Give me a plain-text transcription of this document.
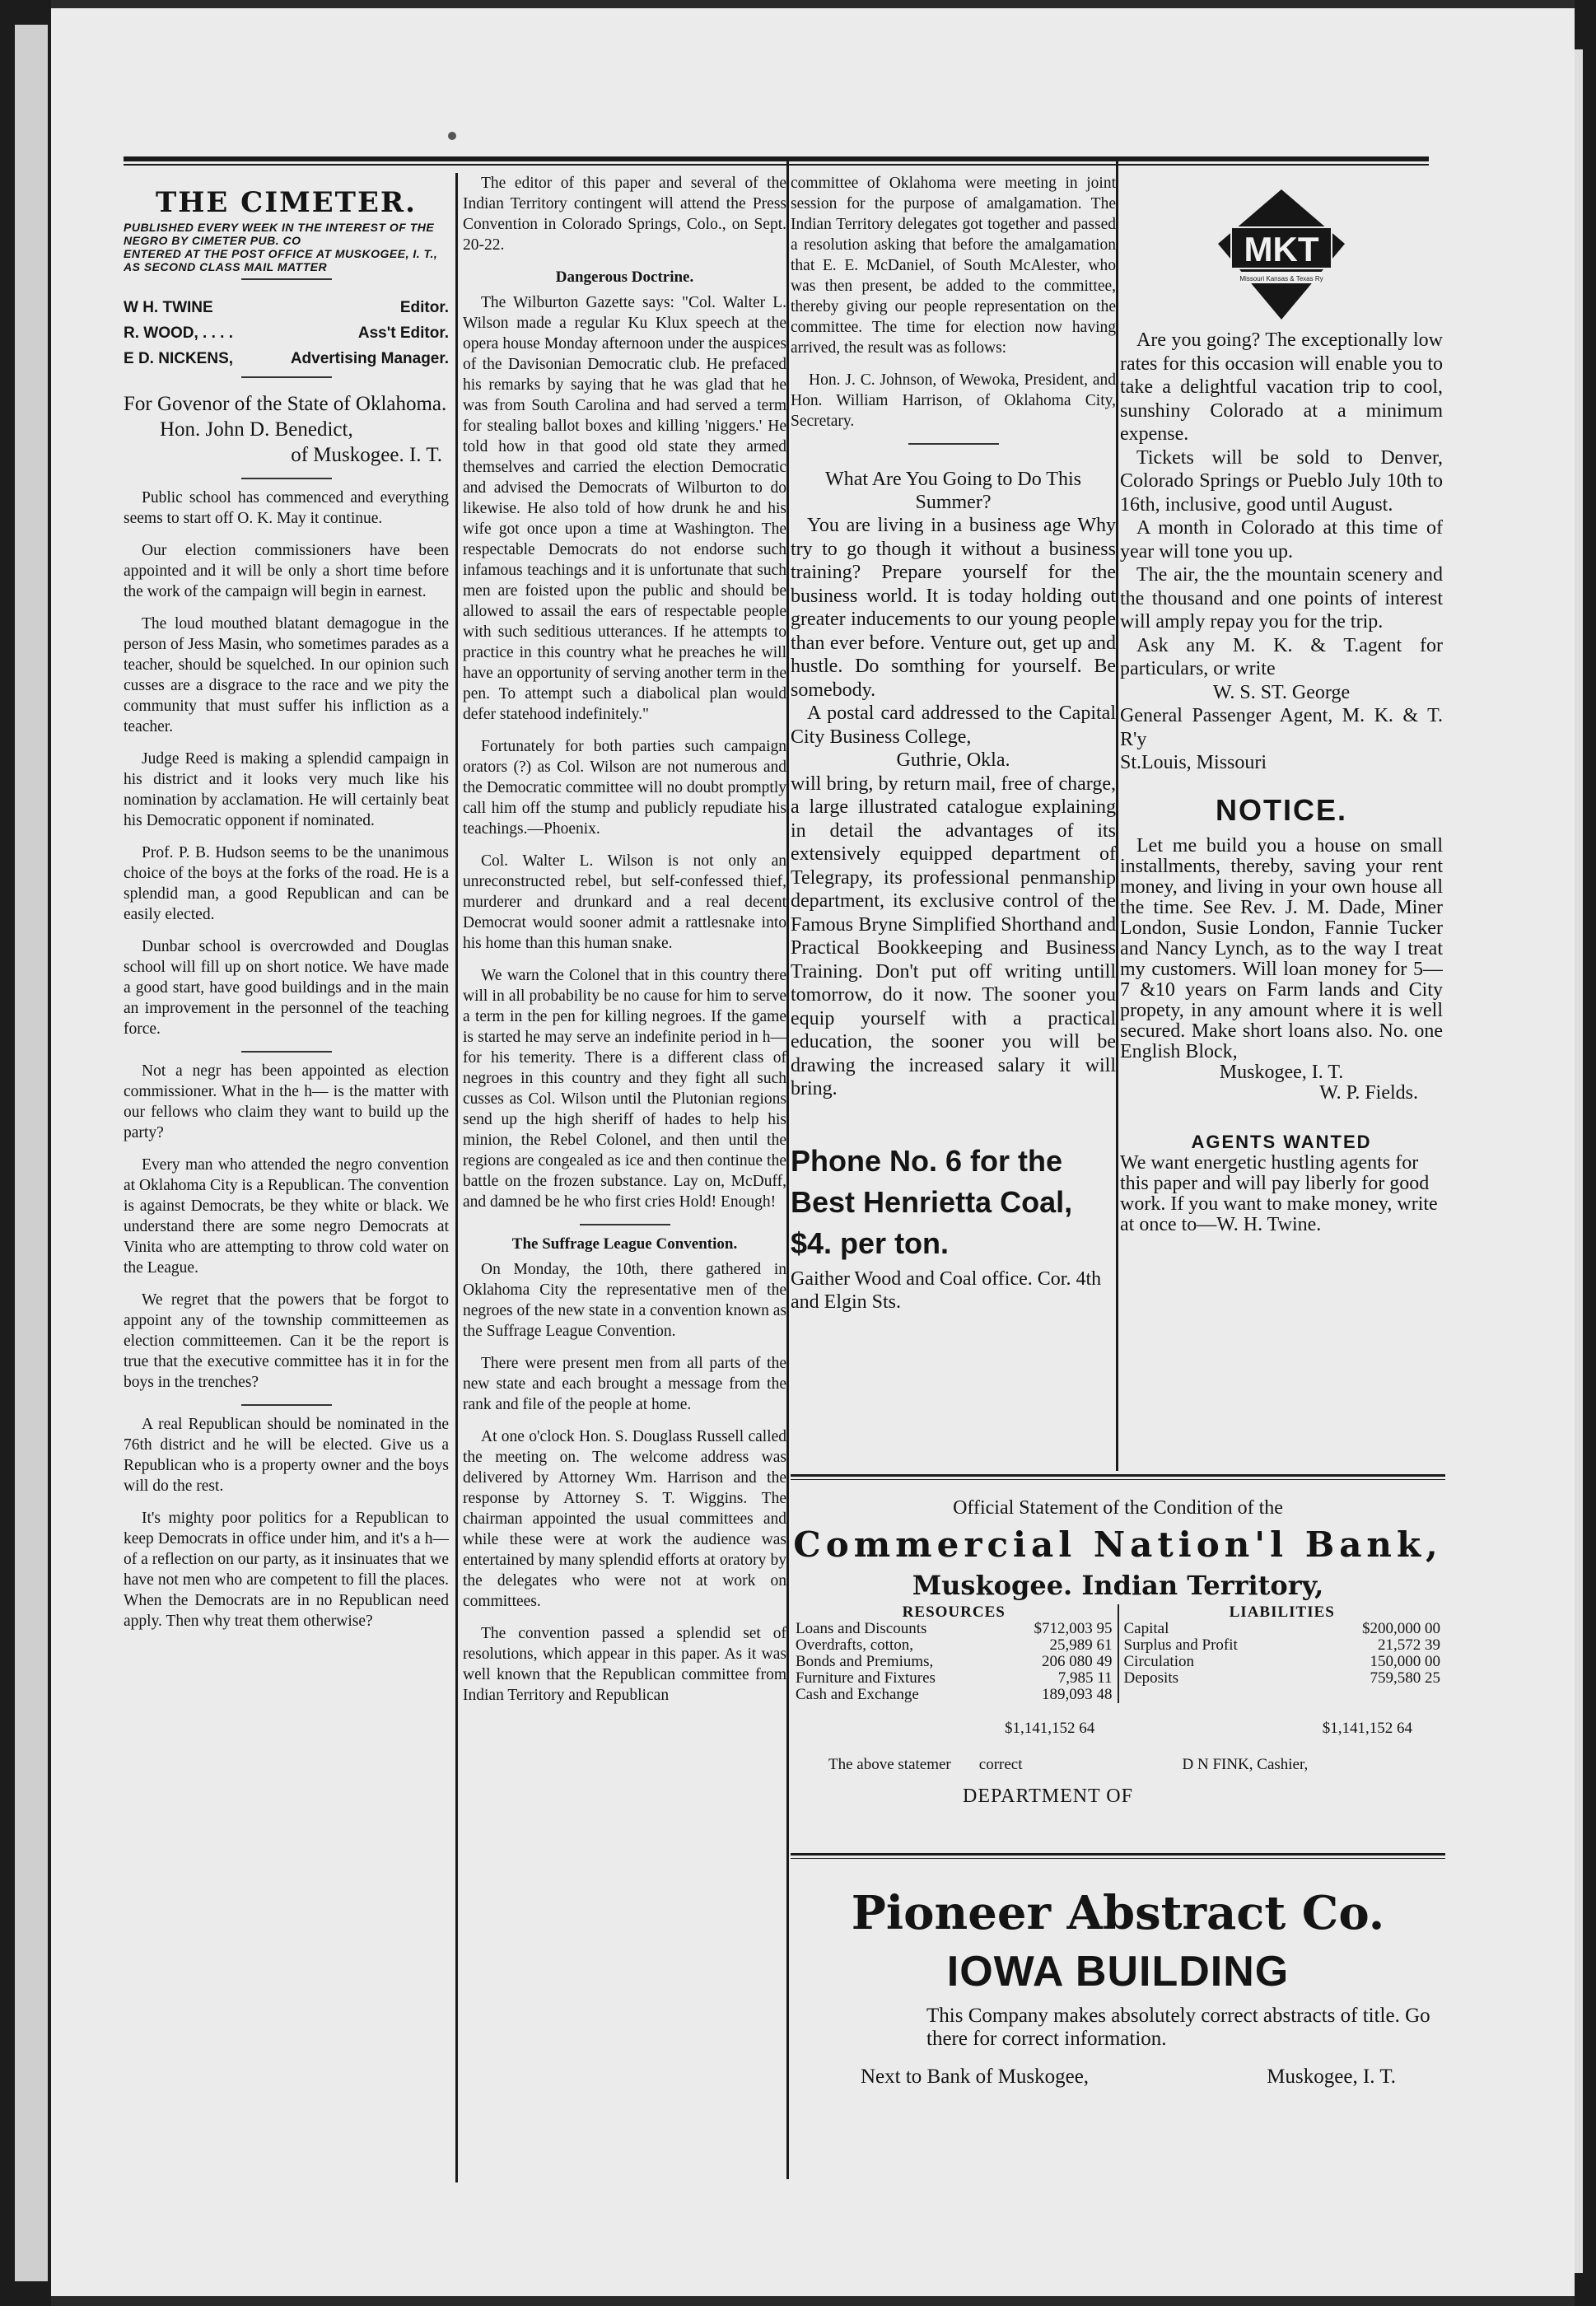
THE CIMETER.

PUBLISHED EVERY WEEK IN THE INTEREST OF THE NEGRO BY CIMETER PUB. CO

ENTERED AT THE POST OFFICE AT MUSKOGEE, I. T., AS SECOND CLASS MAIL MATTER

W H. TWINE	Editor.
R. WOOD, . . . .	Ass't Editor.
E D. NICKENS,	Advertising Manager.
For Govenor of the State of Oklahoma.
Hon. John D. Benedict,
of Muskogee. I. T.

Public school has commenced and everything seems to start off O. K. May it continue.

Our election commissioners have been appointed and it will be only a short time before the work of the campaign will begin in earnest.

The loud mouthed blatant demagogue in the person of Jess Masin, who sometimes parades as a teacher, should be squelched. In our opinion such cusses are a disgrace to the race and we pity the community that must suffer his infliction as a teacher.

Judge Reed is making a splendid campaign in his district and it looks very much like his nomination by acclamation. He will certainly beat his Democratic opponent if nominated.

Prof. P. B. Hudson seems to be the unanimous choice of the boys at the forks of the road. He is a splendid man, a good Republican and can be easily elected.

Dunbar school is overcrowded and Douglas school will fill up on short notice. We have made a good start, have good buildings and in the main an improvement in the personnel of the teaching force.

Not a negr has been appointed as election commissioner. What in the h— is the matter with our fellows who claim they want to build up the party?

Every man who attended the negro convention at Oklahoma City is a Republican. The convention is against Democrats, be they white or black. We understand there are some negro Democrats at Vinita who are attempting to throw cold water on the League.

We regret that the powers that be forgot to appoint any of the township committeemen as election committeemen. Can it be the report is true that the executive committee has it in for the boys in the trenches?

A real Republican should be nominated in the 76th district and he will be elected. Give us a Republican who is a property owner and the boys will do the rest.

It's mighty poor politics for a Republican to keep Democrats in office under him, and it's a h— of a reflection on our party, as it insinuates that we have not men who are competent to fill the places. When the Democrats are in no Republican need apply. Then why treat them otherwise?

The editor of this paper and several of the Indian Territory contingent will attend the Press Convention in Colorado Springs, Colo., on Sept. 20-22.

Dangerous Doctrine.

The Wilburton Gazette says: "Col. Walter L. Wilson made a regular Ku Klux speech at the opera house Monday afternoon under the auspices of the Davisonian Democratic club. He prefaced his remarks by saying that he was glad that he was from South Carolina and had served a term for stealing ballot boxes and killing 'niggers.' He told how in that good old state they armed themselves and carried the election Democratic and advised the Democrats of Wilburton to do likewise. He also told of how drunk he and his wife got once upon a time at Washington. The respectable Democrats do not endorse such infamous teachings and it is unfortunate that such men are foisted upon the public and should be allowed to assail the ears of respectable people with such seditious utterances. If he attempts to practice in this country what he preaches he will have an opportunity of serving another term in the pen. To attempt such a diabolical plan would defer statehood indefinitely."

Fortunately for both parties such campaign orators (?) as Col. Wilson are not numerous and the Democratic committee will no doubt promptly call him off the stump and publicly repudiate his teachings.—Phoenix.

Col. Walter L. Wilson is not only an unreconstructed rebel, but self-confessed thief, murderer and drunkard and a real decent Democrat would sooner admit a rattlesnake into his home than this human snake.

We warn the Colonel that in this country there will in all probability be no cause for him to serve a term in the pen for killing negroes. If the game is started he may serve an indefinite period in h— for his temerity. There is a different class of negroes in this country and they fight all such cusses as Col. Wilson until the Plutonian regions send up the high sheriff of hades to help his minion, the Rebel Colonel, and then until the regions are congealed as ice and then continue the battle on the frozen substance. Lay on, McDuff, and damned be he who first cries Hold! Enough!

The Suffrage League Convention.

On Monday, the 10th, there gathered in Oklahoma City the representative men of the negroes of the new state in a convention known as the Suffrage League Convention.

There were present men from all parts of the new state and each brought a message from the rank and file of the people at home.

At one o'clock Hon. S. Douglass Russell called the meeting on. The welcome address was delivered by Attorney Wm. Harrison and the response by Attorney S. T. Wiggins. The chairman appointed the usual committees and while these were at work the audience was entertained by many splendid efforts at oratory by the delegates who were not at work on committees.

The convention passed a splendid set of resolutions, which appear in this paper. As it was well known that the Republican committee from Indian Territory and Republican

committee of Oklahoma were meeting in joint session for the purpose of amalgamation. The Indian Territory delegates got together and passed a resolution asking that before the amalgamation that E. E. McDaniel, of South McAlester, who was then present, be added to the committee, thereby giving our people representation on the committee. The time for election now having arrived, the result was as follows:

Hon. J. C. Johnson, of Wewoka, President, and Hon. William Harrison, of Oklahoma City, Secretary.

What Are You Going to Do This Summer?

You are living in a business age Why try to go though it without a business training? Prepare yourself for the business world. It is today holding out greater inducements to our young people than ever before. Venture out, get up and hustle. Do somthing for yourself. Be somebody.

A postal card addressed to the Capital City Business College,

Guthrie, Okla.

will bring, by return mail, free of charge, a large illustrated catalogue explaining in detail the advantages of its extensively equipped department of Telegrapy, its professional penmanship department, its exclusive control of the Famous Bryne Simplified Shorthand and Practical Bookkeeping and Business Training. Don't put off writing untill tomorrow, do it now. The sooner you equip yourself with a practical education, the sooner you will be drawing the increased salary it will bring.

Phone No. 6 for the Best Henrietta Coal, $4. per ton.
Gaither Wood and Coal office. Cor. 4th and Elgin Sts.
MKT
Missouri Kansas & Texas Ry

Are you going? The exceptionally low rates for this occasion will enable you to take a delightful vacation trip to cool, sunshiny Colorado at a minimum expense.

Tickets will be sold to Denver, Colorado Springs or Pueblo July 10th to 16th, inclusive, good until August.

A month in Colorado at this time of year will tone you up.

The air, the the mountain scenery and the thousand and one points of interest will amply repay you for the trip.

Ask any M. K. & T.agent for particulars, or write

W. S. ST. George

General Passenger Agent, M. K. & T. R'y

St.Louis, Missouri

NOTICE.

Let me build you a house on small installments, thereby, saving your rent money, and living in your own house all the time. See Rev. J. M. Dade, Miner London, Susie London, Fannie Tucker and Nancy Lynch, as to the way I treat my customers. Will loan money for 5—7 &10 years on Farm lands and City propety, in any amount where it is well secured. Make short loans also. No. one English Block,

Muskogee, I. T.

W. P. Fields.

AGENTS WANTED
We want energetic hustling agents for this paper and will pay liberly for good work. If you want to make money, write at once to—W. H. Twine.
Official Statement of the Condition of the
Commercial Nation'l Bank,
Muskogee. Indian Territory,
RESOURCES
Loans and Discounts	$712,003 95
Overdrafts, cotton,	25,989 61
Bonds and Premiums,	206 080 49
Furniture and Fixtures	7,985 11
Cash and Exchange	189,093 48
LIABILITIES
Capital	$200,000 00
Surplus and Profit	21,572 39
Circulation	150,000 00
Deposits	759,580 25
$1,141,152 64	$1,141,152 64
The above statemer correct	D N FINK, Cashier,
DEPARTMENT OF
Pioneer Abstract Co.
IOWA BUILDING
This Company makes absolutely correct abstracts of title. Go there for correct information.
Next to Bank of Muskogee,	Muskogee, I. T.
